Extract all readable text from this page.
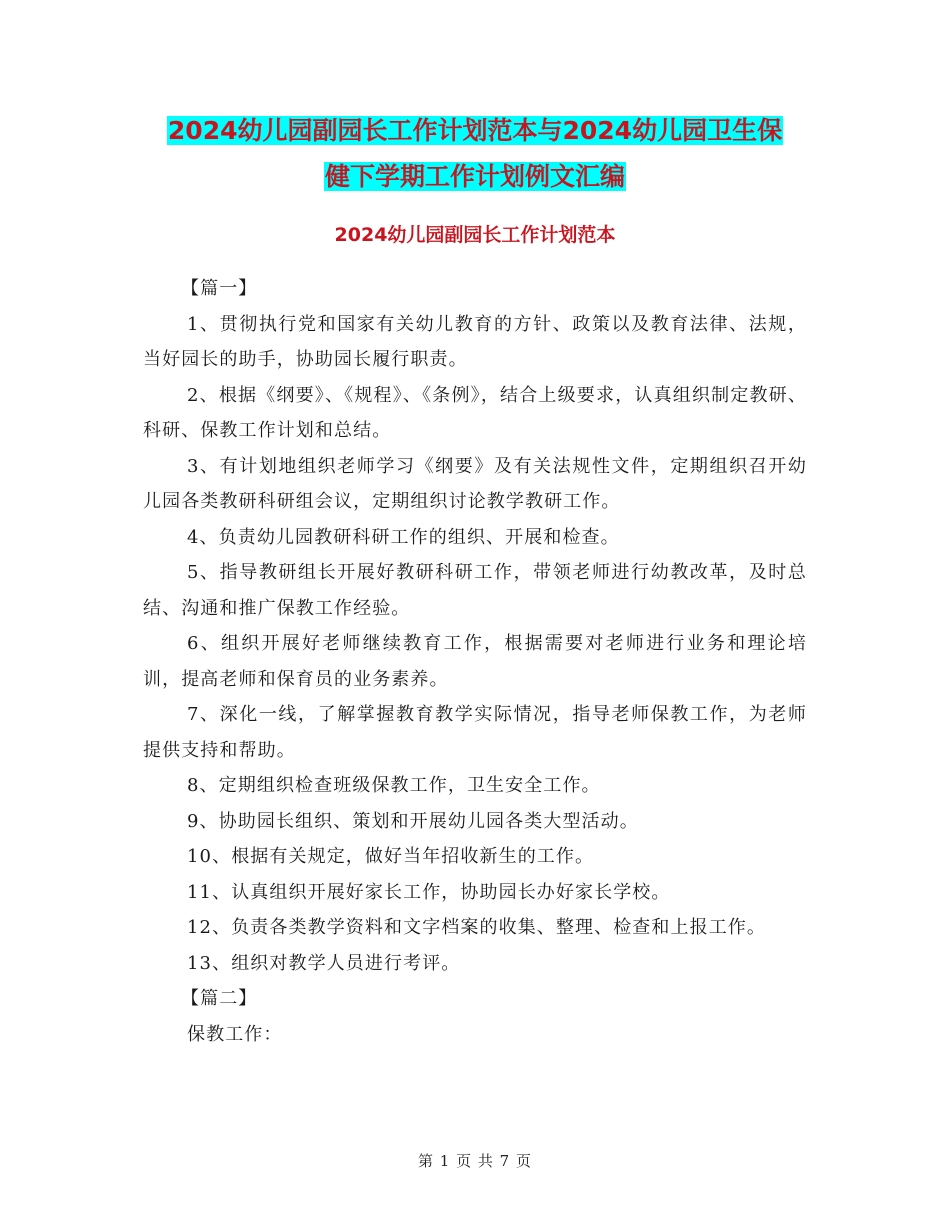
2024幼儿园副园长工作计划范本与2024幼儿园卫生保
健下学期工作计划例文汇编
2024幼儿园副园长工作计划范本

【篇一】

1、贯彻执行党和国家有关幼儿教育的方针、政策以及教育法律、法规，当好园长的助手，协助园长履行职责。

2、根据《纲要》、《规程》、《条例》，结合上级要求，认真组织制定教研、科研、保教工作计划和总结。

3、有计划地组织老师学习《纲要》及有关法规性文件，定期组织召开幼儿园各类教研科研组会议，定期组织讨论教学教研工作。

4、负责幼儿园教研科研工作的组织、开展和检查。

5、指导教研组长开展好教研科研工作，带领老师进行幼教改革，及时总结、沟通和推广保教工作经验。

6、组织开展好老师继续教育工作，根据需要对老师进行业务和理论培训，提高老师和保育员的业务素养。

7、深化一线，了解掌握教育教学实际情况，指导老师保教工作，为老师提供支持和帮助。

8、定期组织检查班级保教工作，卫生安全工作。

9、协助园长组织、策划和开展幼儿园各类大型活动。

10、根据有关规定，做好当年招收新生的工作。

11、认真组织开展好家长工作，协助园长办好家长学校。

12、负责各类教学资料和文字档案的收集、整理、检查和上报工作。

13、组织对教学人员进行考评。

【篇二】

保教工作：

第 1 页 共 7 页
